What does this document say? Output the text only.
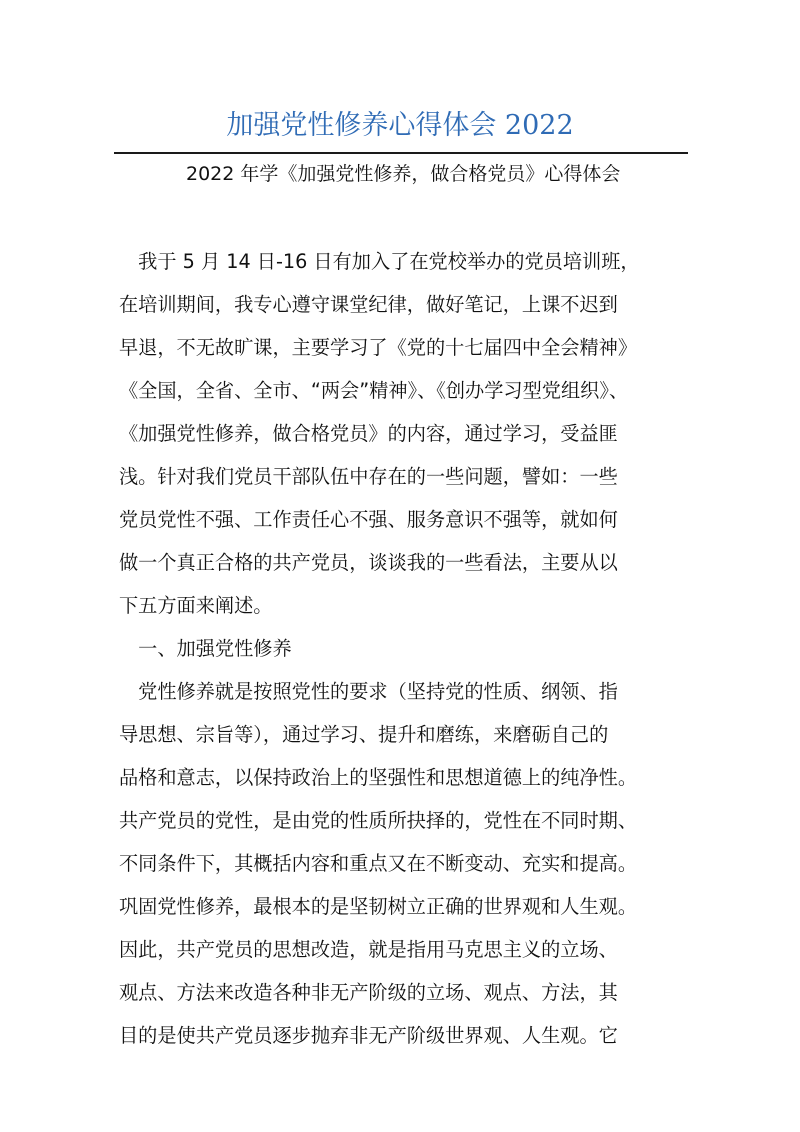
加强党性修养心得体会 2022
2022 年学《加强党性修养，做合格党员》心得体会
　我于 5 月 14 日-16 日有加入了在党校举办的党员培训班，
在培训期间，我专心遵守课堂纪律，做好笔记，上课不迟到
早退，不无故旷课，主要学习了《党的十七届四中全会精神》
《全国，全省、全市、“两会”精神》、《创办学习型党组织》、
《加强党性修养，做合格党员》的内容，通过学习，受益匪
浅。针对我们党员干部队伍中存在的一些问题，譬如：一些
党员党性不强、工作责任心不强、服务意识不强等，就如何
做一个真正合格的共产党员，谈谈我的一些看法，主要从以
下五方面来阐述。
　一、加强党性修养
　党性修养就是按照党性的要求（坚持党的性质、纲领、指
导思想、宗旨等），通过学习、提升和磨练，来磨砺自己的
品格和意志，以保持政治上的坚强性和思想道德上的纯净性。
共产党员的党性，是由党的性质所抉择的，党性在不同时期、
不同条件下，其概括内容和重点又在不断变动、充实和提高。
巩固党性修养，最根本的是坚韧树立正确的世界观和人生观。
因此，共产党员的思想改造，就是指用马克思主义的立场、
观点、方法来改造各种非无产阶级的立场、观点、方法，其
目的是使共产党员逐步抛弃非无产阶级世界观、人生观。它
